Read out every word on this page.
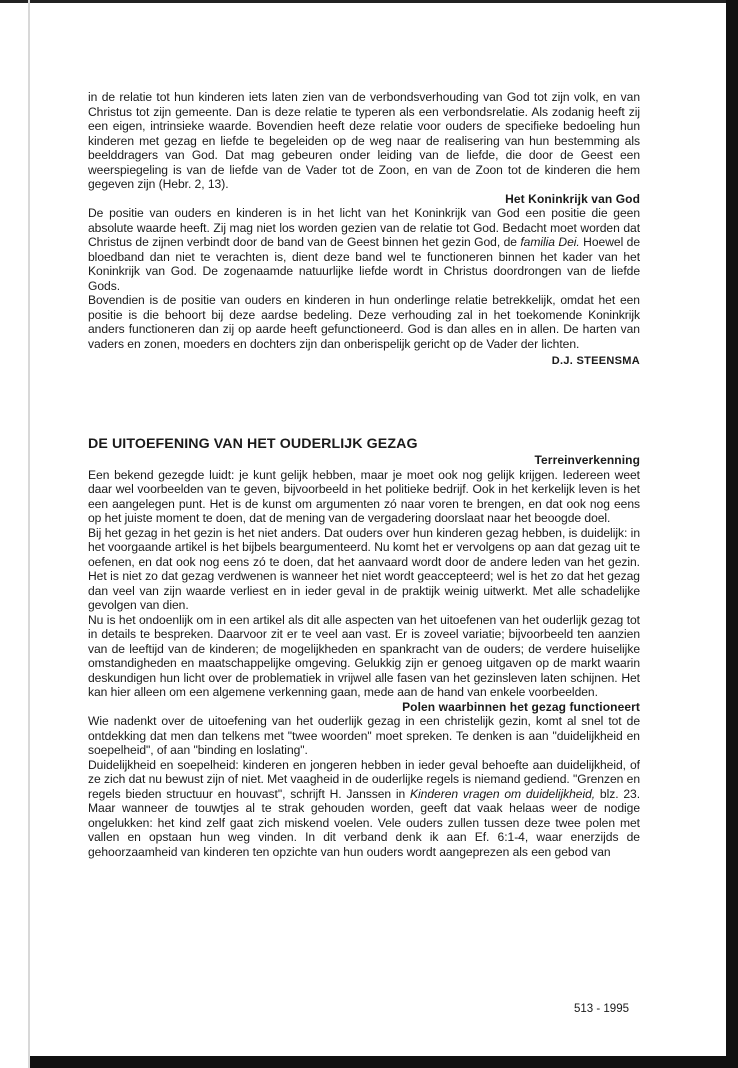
in de relatie tot hun kinderen iets laten zien van de verbondsverhouding van God tot zijn volk, en van Christus tot zijn gemeente. Dan is deze relatie te typeren als een verbondsrelatie. Als zodanig heeft zij een eigen, intrinsieke waarde. Bovendien heeft deze relatie voor ouders de specifieke bedoeling hun kinderen met gezag en liefde te begeleiden op de weg naar de realisering van hun bestemming als beelddragers van God. Dat mag gebeuren onder leiding van de liefde, die door de Geest een weerspiegeling is van de liefde van de Vader tot de Zoon, en van de Zoon tot de kinderen die hem gegeven zijn (Hebr. 2, 13).

Het Koninkrijk van God

De positie van ouders en kinderen is in het licht van het Koninkrijk van God een positie die geen absolute waarde heeft. Zij mag niet los worden gezien van de relatie tot God. Bedacht moet worden dat Christus de zijnen verbindt door de band van de Geest binnen het gezin God, de familia Dei. Hoewel de bloedband dan niet te verachten is, dient deze band wel te functioneren binnen het kader van het Koninkrijk van God. De zogenaamde natuurlijke liefde wordt in Christus doordrongen van de liefde Gods.

Bovendien is de positie van ouders en kinderen in hun onderlinge relatie betrekkelijk, omdat het een positie is die behoort bij deze aardse bedeling. Deze verhouding zal in het toekomende Koninkrijk anders functioneren dan zij op aarde heeft gefunctioneerd. God is dan alles en in allen. De harten van vaders en zonen, moeders en dochters zijn dan onberispelijk gericht op de Vader der lichten.

D.J. STEENSMA

DE UITOEFENING VAN HET OUDERLIJK GEZAG

Terreinverkenning

Een bekend gezegde luidt: je kunt gelijk hebben, maar je moet ook nog gelijk krijgen. Iedereen weet daar wel voorbeelden van te geven, bijvoorbeeld in het politieke bedrijf. Ook in het kerkelijk leven is het een aangelegen punt. Het is de kunst om argumenten zó naar voren te brengen, en dat ook nog eens op het juiste moment te doen, dat de mening van de vergadering doorslaat naar het beoogde doel.

Bij het gezag in het gezin is het niet anders. Dat ouders over hun kinderen gezag hebben, is duidelijk: in het voorgaande artikel is het bijbels beargumenteerd. Nu komt het er vervolgens op aan dat gezag uit te oefenen, en dat ook nog eens zó te doen, dat het aanvaard wordt door de andere leden van het gezin. Het is niet zo dat gezag verdwenen is wanneer het niet wordt geaccepteerd; wel is het zo dat het gezag dan veel van zijn waarde verliest en in ieder geval in de praktijk weinig uitwerkt. Met alle schadelijke gevolgen van dien.

Nu is het ondoenlijk om in een artikel als dit alle aspecten van het uitoefenen van het ouderlijk gezag tot in details te bespreken. Daarvoor zit er te veel aan vast. Er is zoveel variatie; bijvoorbeeld ten aanzien van de leeftijd van de kinderen; de mogelijkheden en spankracht van de ouders; de verdere huiselijke omstandigheden en maatschappelijke omgeving. Gelukkig zijn er genoeg uitgaven op de markt waarin deskundigen hun licht over de problematiek in vrijwel alle fasen van het gezinsleven laten schijnen. Het kan hier alleen om een algemene verkenning gaan, mede aan de hand van enkele voorbeelden.

Polen waarbinnen het gezag functioneert

Wie nadenkt over de uitoefening van het ouderlijk gezag in een christelijk gezin, komt al snel tot de ontdekking dat men dan telkens met "twee woorden" moet spreken. Te denken is aan "duidelijkheid en soepelheid", of aan "binding en loslating".

Duidelijkheid en soepelheid: kinderen en jongeren hebben in ieder geval behoefte aan duidelijkheid, of ze zich dat nu bewust zijn of niet. Met vaagheid in de ouderlijke regels is niemand gediend. "Grenzen en regels bieden structuur en houvast", schrijft H. Janssen in Kinderen vragen om duidelijkheid, blz. 23. Maar wanneer de touwtjes al te strak gehouden worden, geeft dat vaak helaas weer de nodige ongelukken: het kind zelf gaat zich miskend voelen. Vele ouders zullen tussen deze twee polen met vallen en opstaan hun weg vinden. In dit verband denk ik aan Ef. 6:1-4, waar enerzijds de gehoorzaamheid van kinderen ten opzichte van hun ouders wordt aangeprezen als een gebod van

513 - 1995
